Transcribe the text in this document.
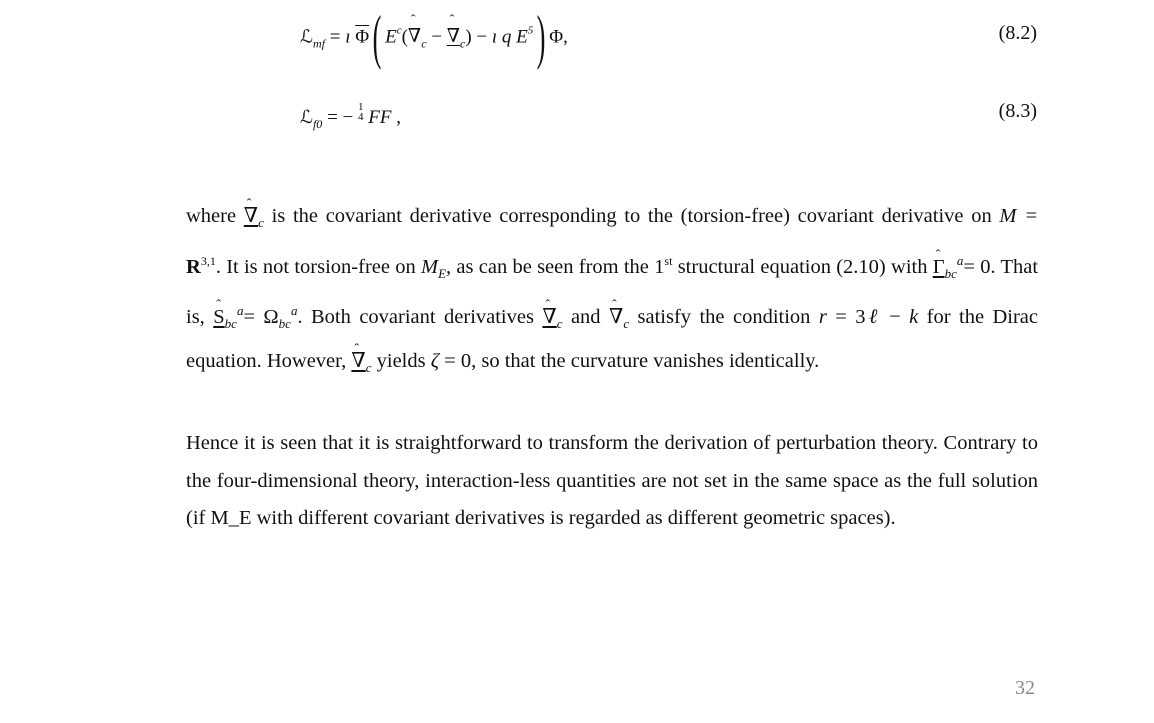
ℒ$_{mf}$ = ı $\overline{\Phi}$( $E^c(ˆ$ $\nabla_c$ − ˆ $\nabla_c$) − ı q $E^5$) Φ,	(8.2)
ℒ$_{f0}$ = − 1
4 FF ,	(8.3)
where ˆ $\nabla_c$ is the covariant derivative corresponding to the (torsion-free) covariant derivative on M = R$^{3,1}$. It is not torsion-free on $M_E$, as can be seen from the 1st structural equation (2.10) with ˆ $\Gamma_{bc}^a= 0$. That is, ˆ $S_{bc}^a= \Omega_{bc}^a$. Both covariant derivatives ˆ $\nabla_c$ and ˆ $\nabla_c$ satisfy the condition r = 3ℓ − k for the Dirac equation. However, ˆ $\nabla_c$ yields ζ = 0, so that the curvature vanishes identically.
Hence it is seen that it is straightforward to transform the derivation of perturbation theory. Contrary to the four-dimensional theory, interaction-less quantities are not set in the same space as the full solution (if M_E with different covariant derivatives is regarded as different geometric spaces).
32
